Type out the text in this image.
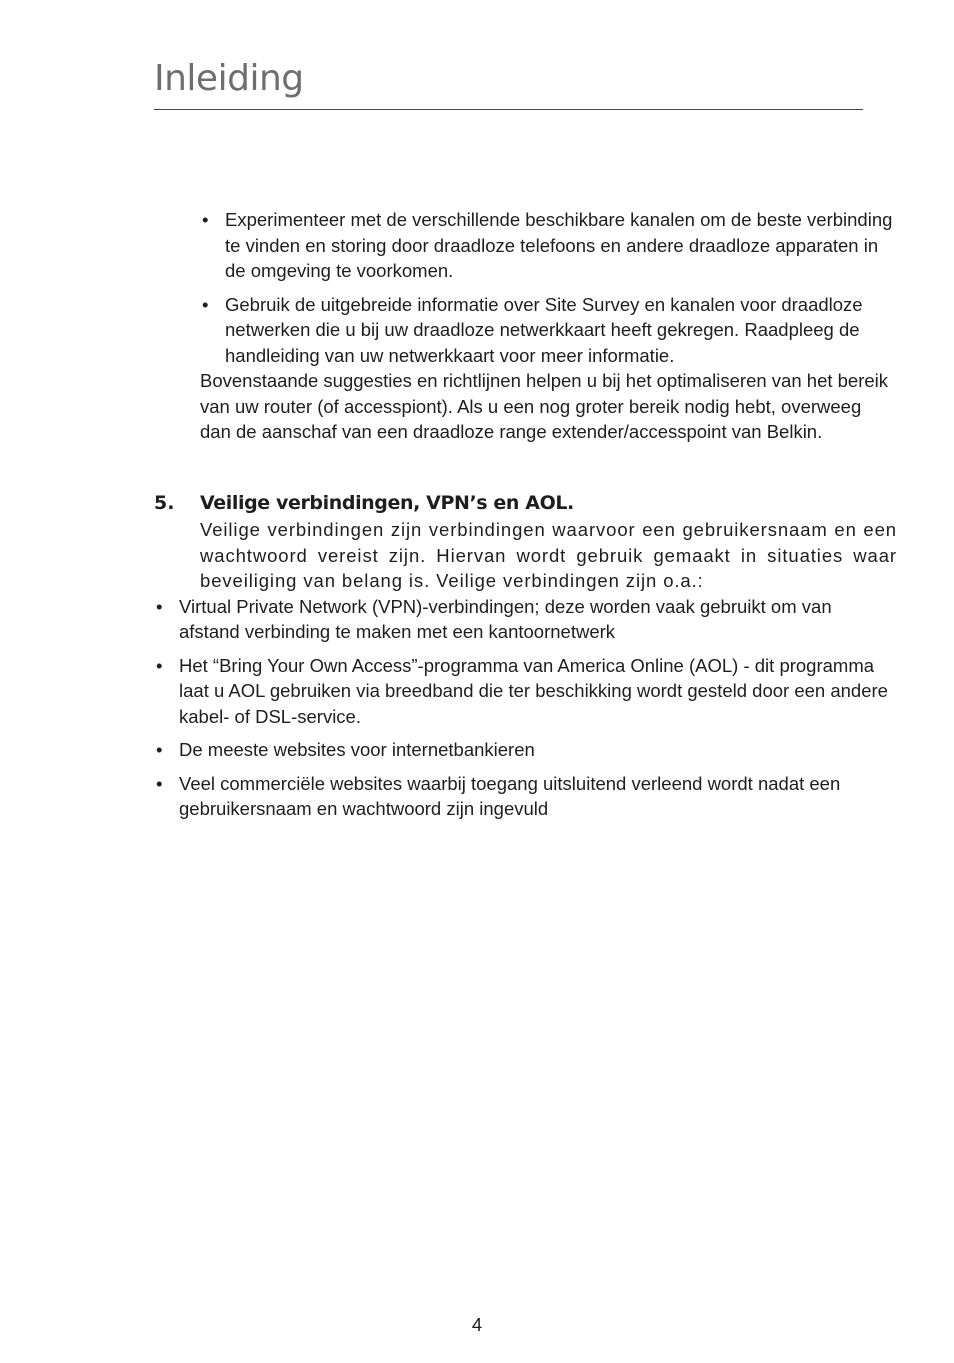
Inleiding
• Experimenteer met de verschillende beschikbare kanalen om de beste verbinding te vinden en storing door draadloze telefoons en andere draadloze apparaten in de omgeving te voorkomen.
• Gebruik de uitgebreide informatie over Site Survey en kanalen voor draadloze netwerken die u bij uw draadloze netwerkkaart heeft gekregen. Raadpleeg de handleiding van uw netwerkkaart voor meer informatie.

Bovenstaande suggesties en richtlijnen helpen u bij het optimaliseren van het bereik van uw router (of accesspiont). Als u een nog groter bereik nodig hebt, overweeg dan de aanschaf van een draadloze range extender/accesspoint van Belkin.

5. Veilige verbindingen, VPN’s en AOL.
Veilige verbindingen zijn verbindingen waarvoor een gebruikersnaam en een wachtwoord vereist zijn. Hiervan wordt gebruik gemaakt in situaties waar beveiliging van belang is. Veilige verbindingen zijn o.a.:
• Virtual Private Network (VPN)-verbindingen; deze worden vaak gebruikt om van afstand verbinding te maken met een kantoornetwerk
• Het “Bring Your Own Access”-programma van America Online (AOL) - dit programma laat u AOL gebruiken via breedband die ter beschikking wordt gesteld door een andere kabel- of DSL-service.
• De meeste websites voor internetbankieren
• Veel commerciële websites waarbij toegang uitsluitend verleend wordt nadat een gebruikersnaam en wachtwoord zijn ingevuld
4
